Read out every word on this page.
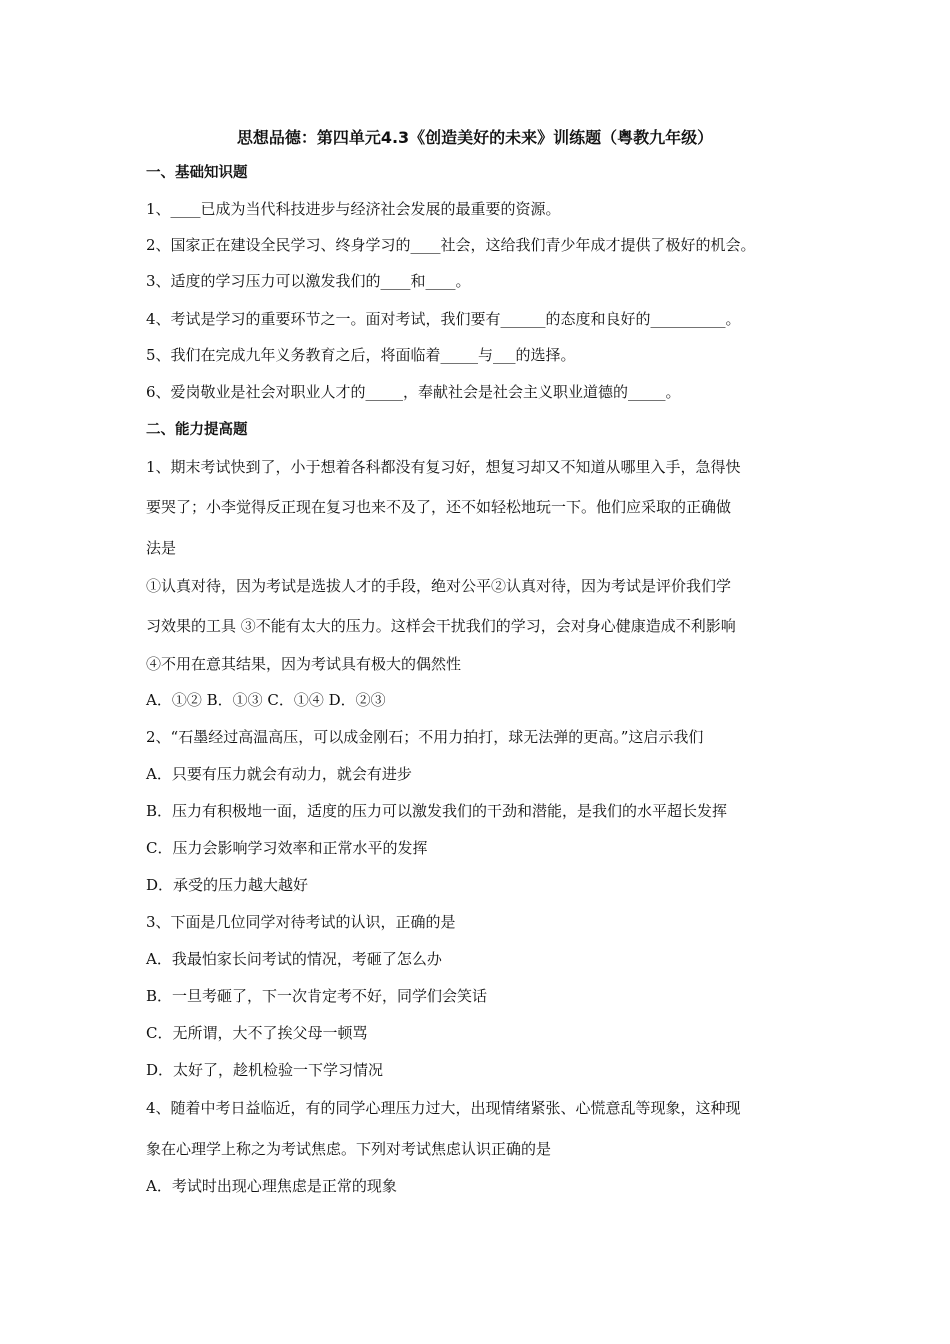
思想品德：第四单元4.3《创造美好的未来》训练题（粤教九年级）
一、基础知识题
1、____已成为当代科技进步与经济社会发展的最重要的资源。
2、国家正在建设全民学习、终身学习的____社会，这给我们青少年成才提供了极好的机会。
3、适度的学习压力可以激发我们的____和____。
4、考试是学习的重要环节之一。面对考试，我们要有______的态度和良好的__________。
5、我们在完成九年义务教育之后，将面临着_____与___的选择。
6、爱岗敬业是社会对职业人才的_____，奉献社会是社会主义职业道德的_____。
二、能力提高题
1、期末考试快到了，小于想着各科都没有复习好，想复习却又不知道从哪里入手，急得快
要哭了；小李觉得反正现在复习也来不及了，还不如轻松地玩一下。他们应采取的正确做
法是
①认真对待，因为考试是选拔人才的手段，绝对公平②认真对待，因为考试是评价我们学
习效果的工具 ③不能有太大的压力。这样会干扰我们的学习，会对身心健康造成不利影响
④不用在意其结果，因为考试具有极大的偶然性
A．①② B．①③ C．①④ D．②③
2、“石墨经过高温高压，可以成金刚石；不用力拍打，球无法弹的更高。”这启示我们
A．只要有压力就会有动力，就会有进步
B．压力有积极地一面，适度的压力可以激发我们的干劲和潜能，是我们的水平超长发挥
C．压力会影响学习效率和正常水平的发挥
D．承受的压力越大越好
3、下面是几位同学对待考试的认识，正确的是
A．我最怕家长问考试的情况，考砸了怎么办
B．一旦考砸了，下一次肯定考不好，同学们会笑话
C．无所谓，大不了挨父母一顿骂
D．太好了，趁机检验一下学习情况
4、随着中考日益临近，有的同学心理压力过大，出现情绪紧张、心慌意乱等现象，这种现
象在心理学上称之为考试焦虑。下列对考试焦虑认识正确的是
A．考试时出现心理焦虑是正常的现象
